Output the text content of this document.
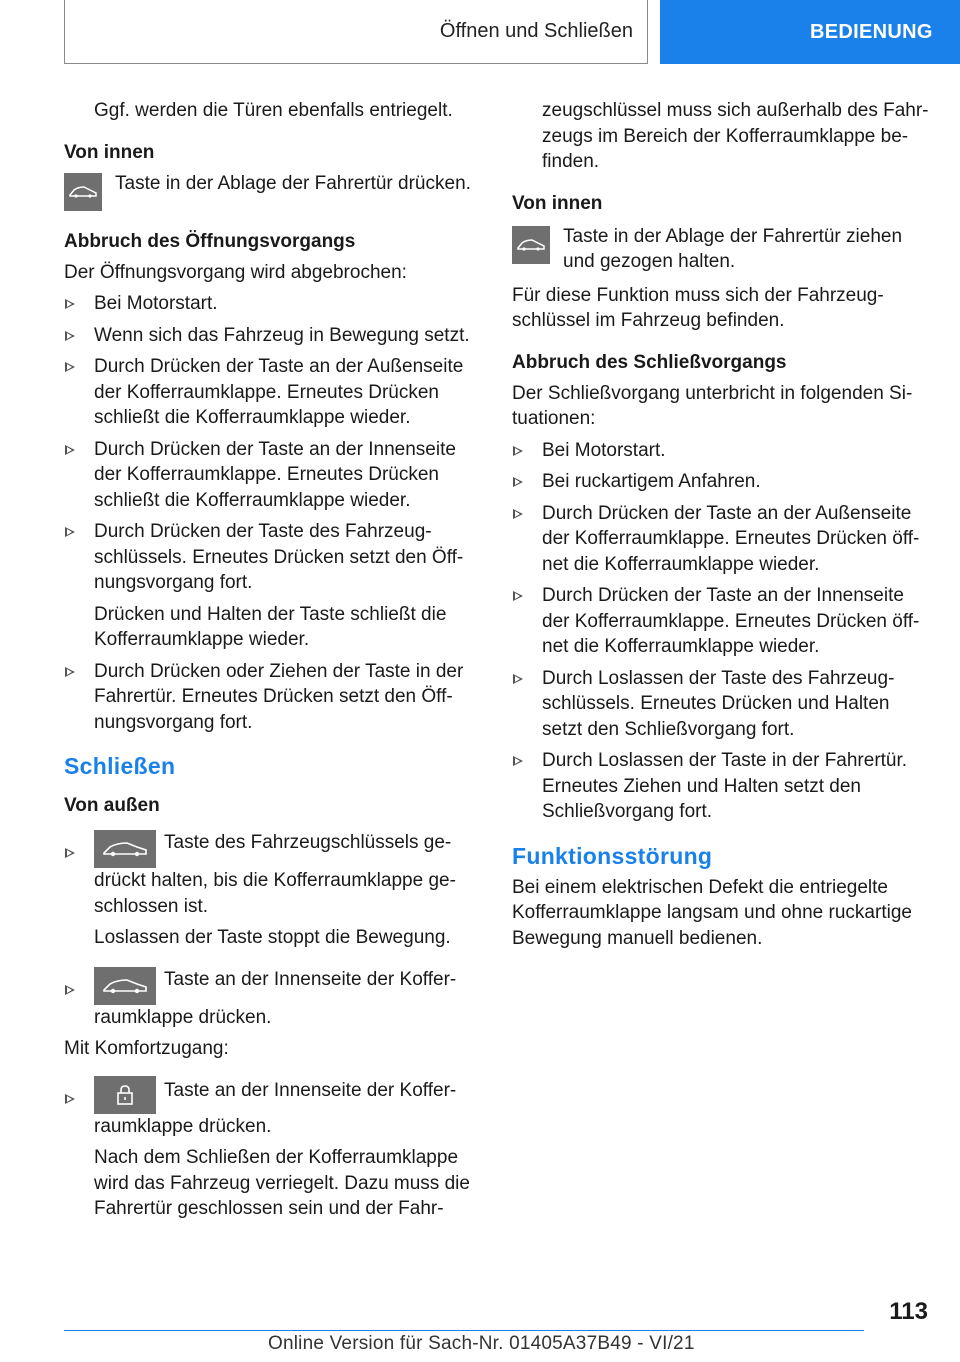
Öffnen und Schließen	BEDIENUNG

Ggf. werden die Türen ebenfalls entriegelt.

Von innen
Taste in der Ablage der Fahrertür drücken.
Abbruch des Öffnungsvorgangs

Der Öffnungsvorgang wird abgebrochen:

Bei Motorstart.
Wenn sich das Fahrzeug in Bewegung setzt.
Durch Drücken der Taste an der Außenseite der Kofferraumklappe. Erneutes Drücken schließt die Kofferraumklappe wieder.
Durch Drücken der Taste an der Innenseite der Kofferraumklappe. Erneutes Drücken schließt die Kofferraumklappe wieder.
Durch Drücken der Taste des Fahrzeug-schlüssels. Erneutes Drücken setzt den Öff-nungsvorgang fort.

Drücken und Halten der Taste schließt die Kofferraumklappe wieder.

Durch Drücken oder Ziehen der Taste in der Fahrertür. Erneutes Drücken setzt den Öff-nungsvorgang fort.
Schließen
Von außen
Taste des Fahrzeugschlüssels ge-drückt halten, bis die Kofferraumklappe ge-schlossen ist.

Loslassen der Taste stoppt die Bewegung.

Taste an der Innenseite der Koffer-raumklappe drücken.

Mit Komfortzugang:

Taste an der Innenseite der Koffer-raumklappe drücken.

Nach dem Schließen der Kofferraumklappe wird das Fahrzeug verriegelt. Dazu muss die Fahrertür geschlossen sein und der Fahr-

zeugschlüssel muss sich außerhalb des Fahr-zeugs im Bereich der Kofferraumklappe be-finden.

Von innen
Taste in der Ablage der Fahrertür ziehen und gezogen halten.

Für diese Funktion muss sich der Fahrzeug-schlüssel im Fahrzeug befinden.

Abbruch des Schließvorgangs

Der Schließvorgang unterbricht in folgenden Si-tuationen:

Bei Motorstart.
Bei ruckartigem Anfahren.
Durch Drücken der Taste an der Außenseite der Kofferraumklappe. Erneutes Drücken öff-net die Kofferraumklappe wieder.
Durch Drücken der Taste an der Innenseite der Kofferraumklappe. Erneutes Drücken öff-net die Kofferraumklappe wieder.
Durch Loslassen der Taste des Fahrzeug-schlüssels. Erneutes Drücken und Halten setzt den Schließvorgang fort.
Durch Loslassen der Taste in der Fahrertür. Erneutes Ziehen und Halten setzt den Schließvorgang fort.
Funktionsstörung

Bei einem elektrischen Defekt die entriegelte Kofferraumklappe langsam und ohne ruckartige Bewegung manuell bedienen.

113
Online Version für Sach-Nr. 01405A37B49 - VI/21
